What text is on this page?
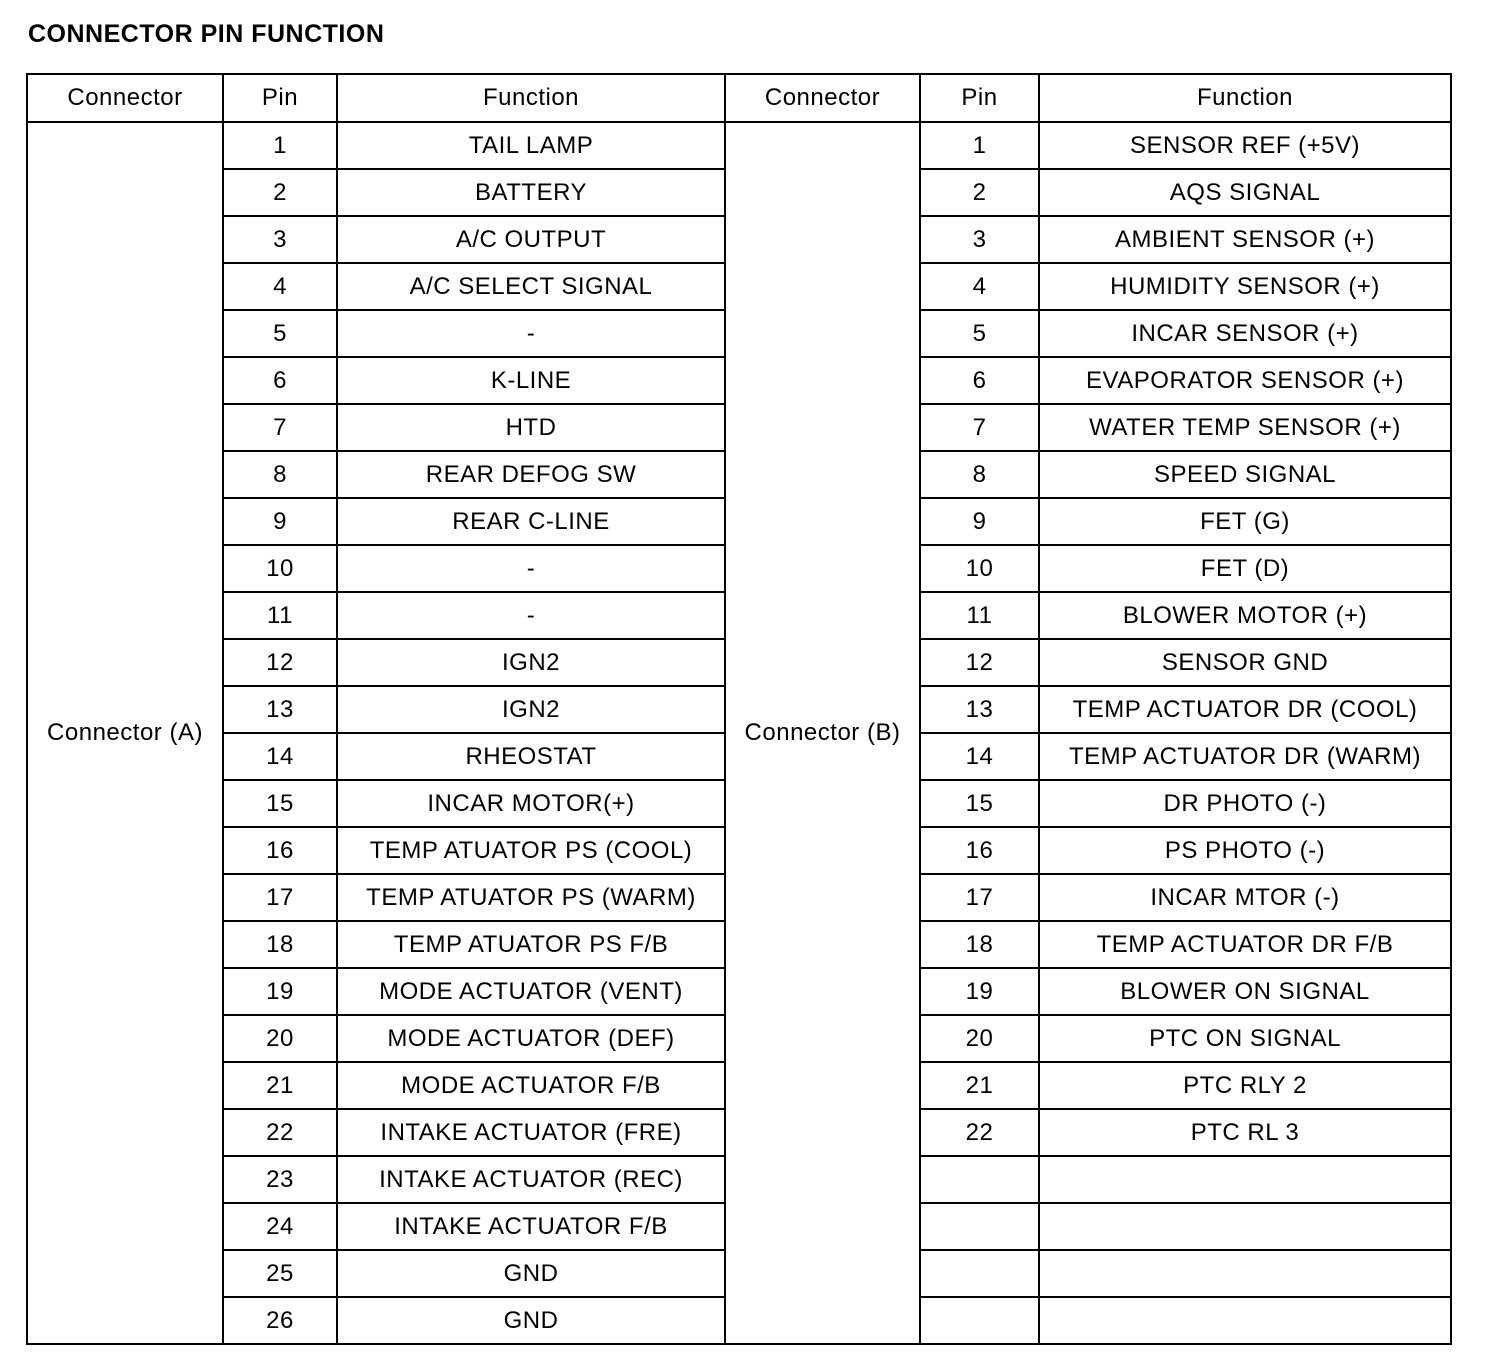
CONNECTOR PIN FUNCTION
Connector	Pin	Function	Connector	Pin	Function
Connector (A)	1	TAIL LAMP	Connector (B)	1	SENSOR REF (+5V)
	2	BATTERY		2	AQS SIGNAL
	3	A/C OUTPUT		3	AMBIENT SENSOR (+)
	4	A/C SELECT SIGNAL		4	HUMIDITY SENSOR (+)
	5	-		5	INCAR SENSOR (+)
	6	K-LINE		6	EVAPORATOR SENSOR (+)
	7	HTD		7	WATER TEMP SENSOR (+)
	8	REAR DEFOG SW		8	SPEED SIGNAL
	9	REAR C-LINE		9	FET (G)
	10	-		10	FET (D)
	11	-		11	BLOWER MOTOR (+)
	12	IGN2		12	SENSOR GND
	13	IGN2		13	TEMP ACTUATOR DR (COOL)
	14	RHEOSTAT		14	TEMP ACTUATOR DR (WARM)
	15	INCAR MOTOR(+)		15	DR PHOTO (-)
	16	TEMP ATUATOR PS (COOL)		16	PS PHOTO (-)
	17	TEMP ATUATOR PS (WARM)		17	INCAR MTOR (-)
	18	TEMP ATUATOR PS F/B		18	TEMP ACTUATOR DR F/B
	19	MODE ACTUATOR (VENT)		19	BLOWER ON SIGNAL
	20	MODE ACTUATOR (DEF)		20	PTC ON SIGNAL
	21	MODE ACTUATOR F/B		21	PTC RLY 2
	22	INTAKE ACTUATOR (FRE)		22	PTC RL 3
	23	INTAKE ACTUATOR (REC)			
	24	INTAKE ACTUATOR F/B			
	25	GND			
	26	GND			
